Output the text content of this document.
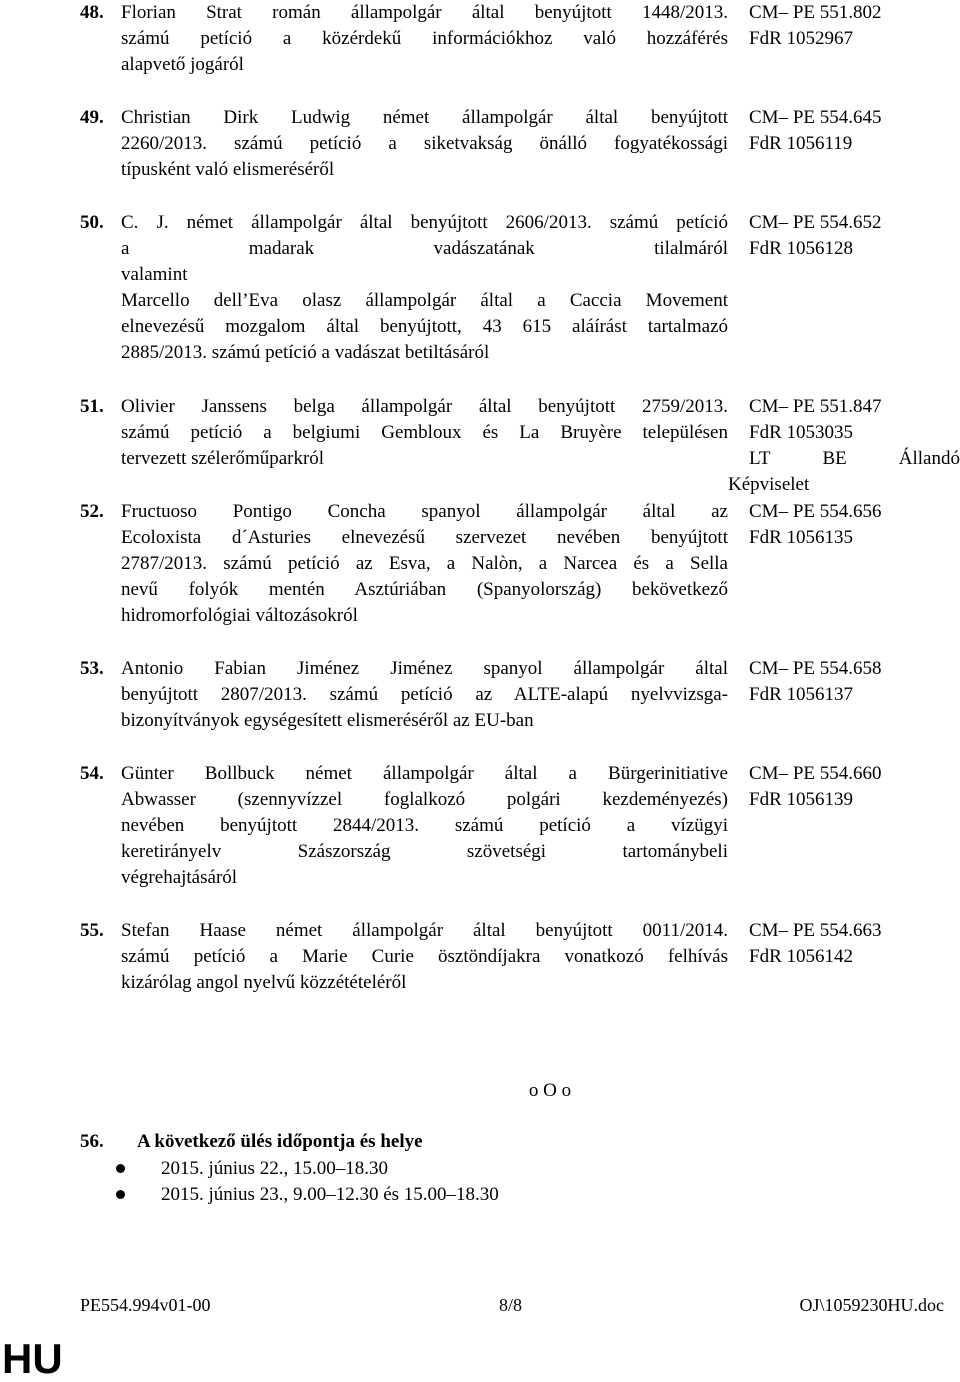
48. Florian Strat román állampolgár által benyújtott 1448/2013.
számú petíció a közérdekű információkhoz való hozzáférés
alapvető jogáról
CM– PE 551.802
FdR 1052967
49. Christian Dirk Ludwig német állampolgár által benyújtott
2260/2013. számú petíció a siketvakság önálló fogyatékossági
típusként való elismeréséről
CM– PE 554.645
FdR 1056119
50. C. J. német állampolgár által benyújtott 2606/2013. számú petíció
a madarak vadászatának tilalmáról
valamint
Marcello dell’Eva olasz állampolgár által a Caccia Movement
elnevezésű mozgalom által benyújtott, 43 615 aláírást tartalmazó
2885/2013. számú petíció a vadászat betiltásáról
CM– PE 554.652
FdR 1056128
51. Olivier Janssens belga állampolgár által benyújtott 2759/2013.
számú petíció a belgiumi Gembloux és La Bruyère településen
tervezett szélerőműparkról
CM– PE 551.847
FdR 1053035
LT	BE	Állandó
Képviselet
52. Fructuoso Pontigo Concha spanyol állampolgár által az
Ecoloxista d´Asturies elnevezésű szervezet nevében benyújtott
2787/2013. számú petíció az Esva, a Nalòn, a Narcea és a Sella
nevű folyók mentén Asztúriában (Spanyolország) bekövetkező
hidromorfológiai változásokról
CM– PE 554.656
FdR 1056135
53. Antonio Fabian Jiménez Jiménez spanyol állampolgár által
benyújtott 2807/2013. számú petíció az ALTE-alapú nyelvvizsga-
bizonyítványok egységesített elismeréséről az EU-ban
CM– PE 554.658
FdR 1056137
54. Günter Bollbuck német állampolgár által a Bürgerinitiative
Abwasser (szennyvízzel foglalkozó polgári kezdeményezés)
nevében benyújtott 2844/2013. számú petíció a vízügyi
keretirányelv Szászország szövetségi tartománybeli
végrehajtásáról
CM– PE 554.660
FdR 1056139
55. Stefan Haase német állampolgár által benyújtott 0011/2014.
számú petíció a Marie Curie ösztöndíjakra vonatkozó felhívás
kizárólag angol nyelvű közzétételéről
CM– PE 554.663
FdR 1056142
o O o
56. A következő ülés időpontja és helye
2015. június 22., 15.00–18.30
2015. június 23., 9.00–12.30 és 15.00–18.30
PE554.994v01-00	8/8	OJ\1059230HU.doc
HU
